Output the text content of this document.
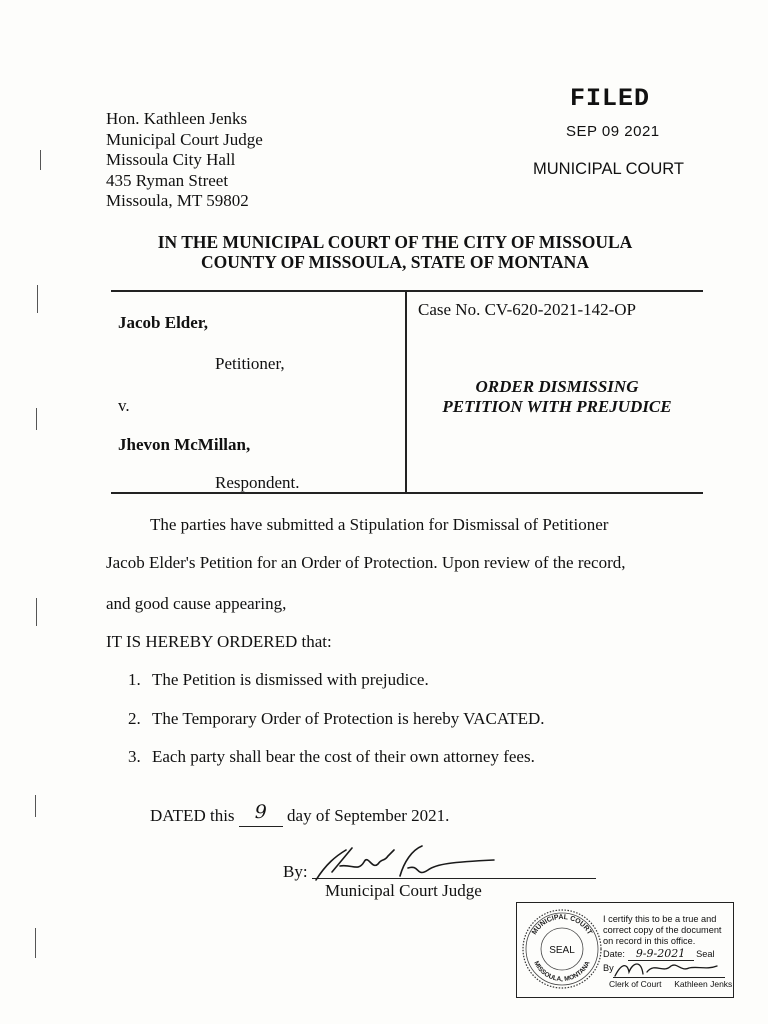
Hon. Kathleen Jenks
Municipal Court Judge
Missoula City Hall
435 Ryman Street
Missoula, MT 59802
FILED
SEP 09 2021
MUNICIPAL COURT
IN THE MUNICIPAL COURT OF THE CITY OF MISSOULA
COUNTY OF MISSOULA, STATE OF MONTANA
Jacob Elder,
Petitioner,
v.
Jhevon McMillan,
Respondent.
Case No. CV-620-2021-142-OP
ORDER DISMISSING
PETITION WITH PREJUDICE
The parties have submitted a Stipulation for Dismissal of Petitioner
Jacob Elder's Petition for an Order of Protection. Upon review of the record,
and good cause appearing,
IT IS HEREBY ORDERED that:
1. The Petition is dismissed with prejudice.
2. The Temporary Order of Protection is hereby VACATED.
3. Each party shall bear the cost of their own attorney fees.
DATED this 9 day of September 2021.
By:
Municipal Court Judge
MUNICIPAL COURT
MISSOULA, MONTANA
SEAL
I certify this to be a true and
correct copy of the document
on record in this office.
Date: 9-9-2021 Seal
By
Clerk of Court Kathleen Jenks
